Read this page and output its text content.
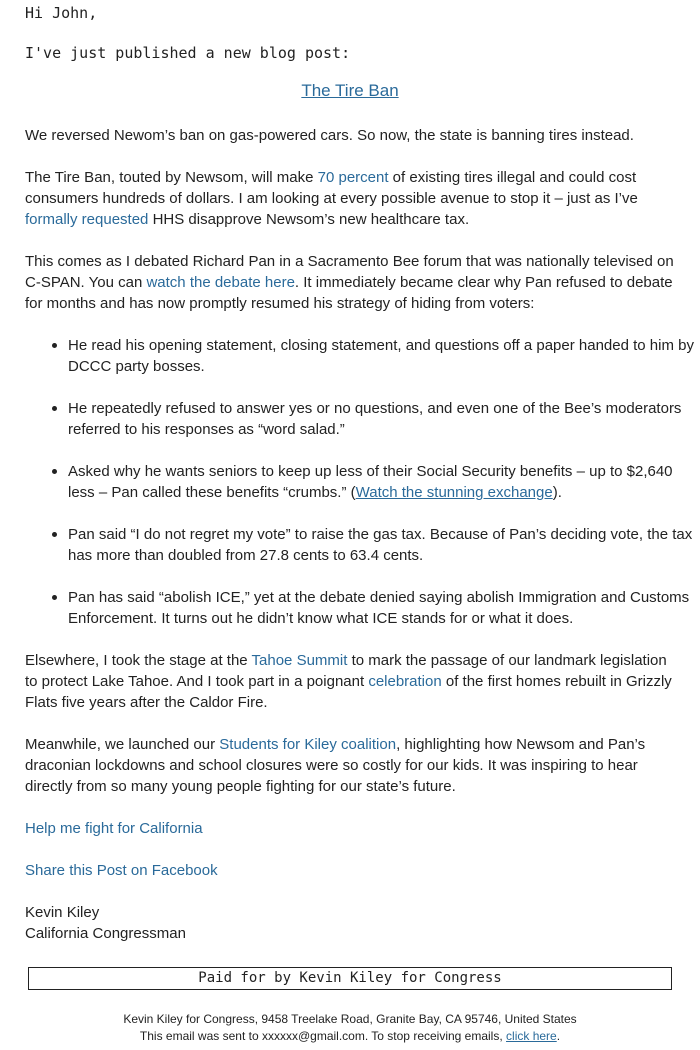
Hi John,
I've just published a new blog post:
The Tire Ban

We reversed Newom’s ban on gas-powered cars. So now, the state is banning tires instead.

The Tire Ban, touted by Newsom, will make 70 percent of existing tires illegal and could cost consumers hundreds of dollars. I am looking at every possible avenue to stop it – just as I’ve formally requested HHS disapprove Newsom’s new healthcare tax.

This comes as I debated Richard Pan in a Sacramento Bee forum that was nationally televised on C-SPAN. You can watch the debate here. It immediately became clear why Pan refused to debate for months and has now promptly resumed his strategy of hiding from voters:

He read his opening statement, closing statement, and questions off a paper handed to him by DCCC party bosses.
He repeatedly refused to answer yes or no questions, and even one of the Bee’s moderators referred to his responses as “word salad.”
Asked why he wants seniors to keep up less of their Social Security benefits – up to $2,640 less – Pan called these benefits “crumbs.” (Watch the stunning exchange).
Pan said “I do not regret my vote” to raise the gas tax. Because of Pan’s deciding vote, the tax has more than doubled from 27.8 cents to 63.4 cents.
Pan has said “abolish ICE,” yet at the debate denied saying abolish Immigration and Customs Enforcement. It turns out he didn’t know what ICE stands for or what it does.

Elsewhere, I took the stage at the Tahoe Summit to mark the passage of our landmark legislation to protect Lake Tahoe. And I took part in a poignant celebration of the first homes rebuilt in Grizzly Flats five years after the Caldor Fire.

Meanwhile, we launched our Students for Kiley coalition, highlighting how Newsom and Pan’s draconian lockdowns and school closures were so costly for our kids. It was inspiring to hear directly from so many young people fighting for our state’s future.

Help me fight for California
Share this Post on Facebook
Kevin Kiley
California Congressman
Paid for by Kevin Kiley for Congress
Kevin Kiley for Congress, 9458 Treelake Road, Granite Bay, CA 95746, United States
This email was sent to xxxxxx@gmail.com. To stop receiving emails, click here.
